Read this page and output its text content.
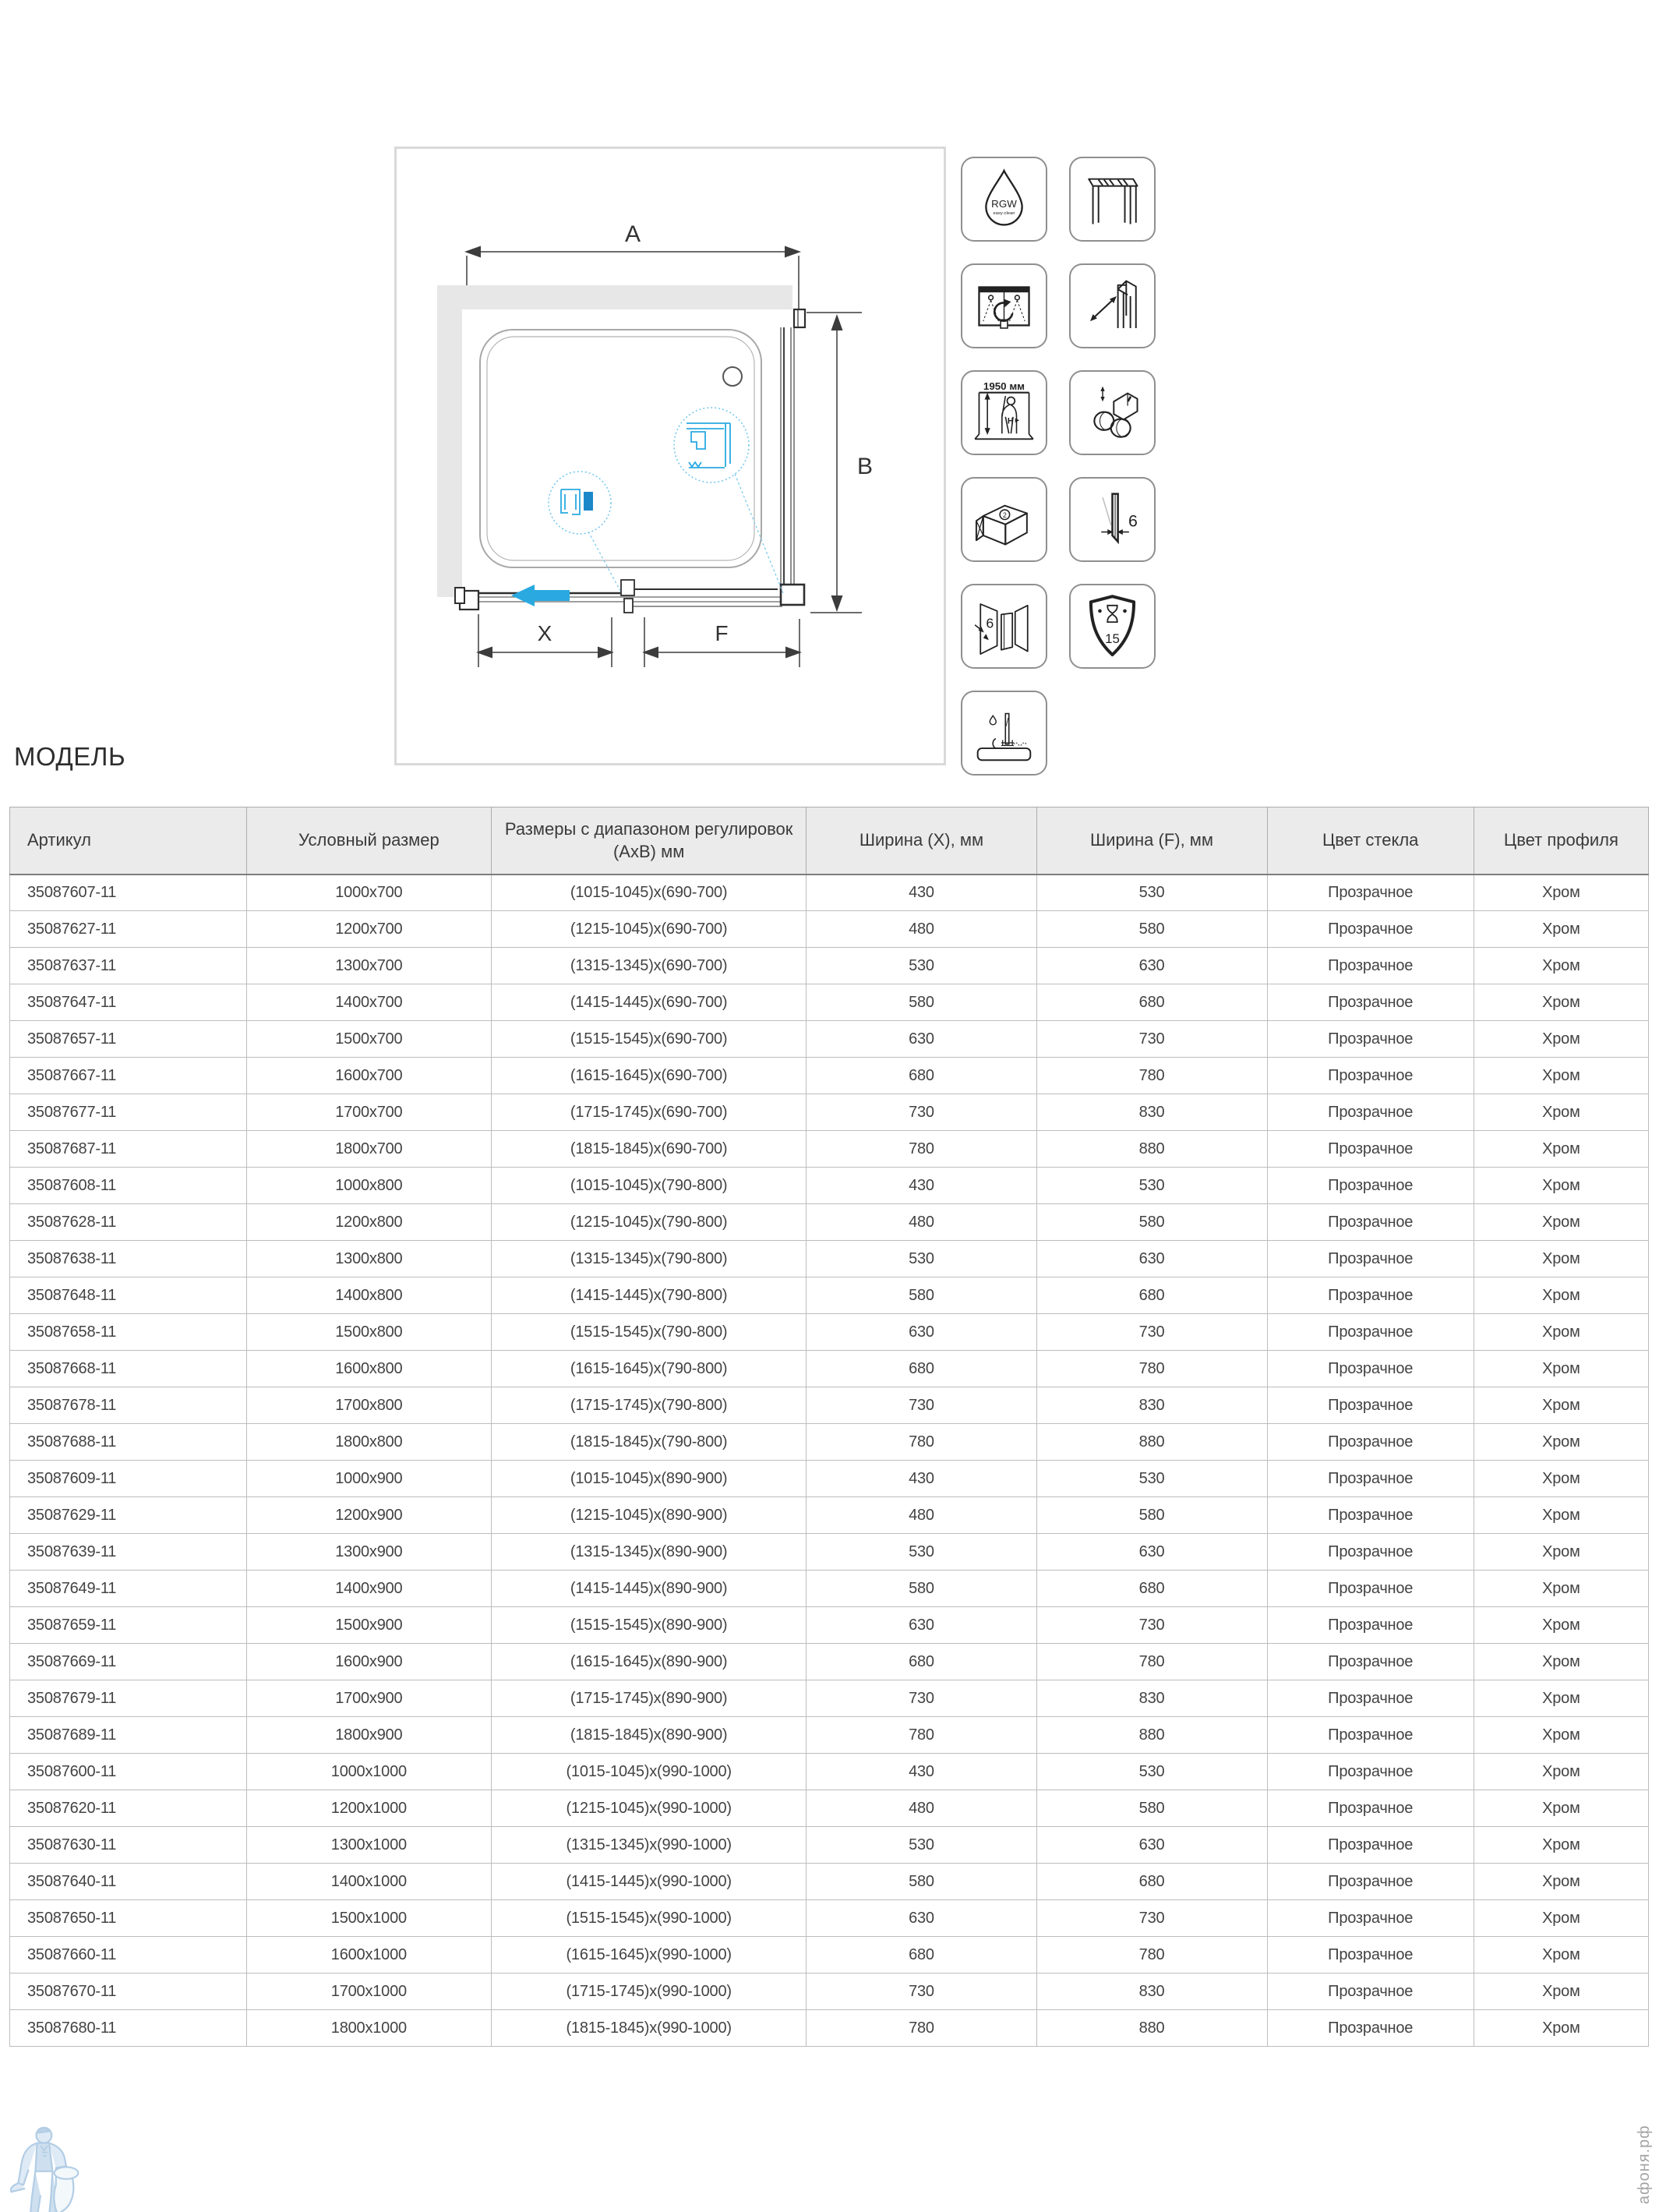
A
B
X	F
RGW
easy-clean
1950 мм
H
2	6
6
15
МОДЕЛЬ
Артикул	Условный размер	Размеры с диапазоном регулировок (АхВ) мм	Ширина (X), мм	Ширина (F), мм	Цвет стекла	Цвет профиля
35087607-11	1000x700	(1015-1045)x(690-700)	430	530	Прозрачное	Хром
35087627-11	1200x700	(1215-1045)x(690-700)	480	580	Прозрачное	Хром
35087637-11	1300x700	(1315-1345)x(690-700)	530	630	Прозрачное	Хром
35087647-11	1400x700	(1415-1445)x(690-700)	580	680	Прозрачное	Хром
35087657-11	1500x700	(1515-1545)x(690-700)	630	730	Прозрачное	Хром
35087667-11	1600x700	(1615-1645)x(690-700)	680	780	Прозрачное	Хром
35087677-11	1700x700	(1715-1745)x(690-700)	730	830	Прозрачное	Хром
35087687-11	1800x700	(1815-1845)x(690-700)	780	880	Прозрачное	Хром
35087608-11	1000x800	(1015-1045)x(790-800)	430	530	Прозрачное	Хром
35087628-11	1200x800	(1215-1045)x(790-800)	480	580	Прозрачное	Хром
35087638-11	1300x800	(1315-1345)x(790-800)	530	630	Прозрачное	Хром
35087648-11	1400x800	(1415-1445)x(790-800)	580	680	Прозрачное	Хром
35087658-11	1500x800	(1515-1545)x(790-800)	630	730	Прозрачное	Хром
35087668-11	1600x800	(1615-1645)x(790-800)	680	780	Прозрачное	Хром
35087678-11	1700x800	(1715-1745)x(790-800)	730	830	Прозрачное	Хром
35087688-11	1800x800	(1815-1845)x(790-800)	780	880	Прозрачное	Хром
35087609-11	1000x900	(1015-1045)x(890-900)	430	530	Прозрачное	Хром
35087629-11	1200x900	(1215-1045)x(890-900)	480	580	Прозрачное	Хром
35087639-11	1300x900	(1315-1345)x(890-900)	530	630	Прозрачное	Хром
35087649-11	1400x900	(1415-1445)x(890-900)	580	680	Прозрачное	Хром
35087659-11	1500x900	(1515-1545)x(890-900)	630	730	Прозрачное	Хром
35087669-11	1600x900	(1615-1645)x(890-900)	680	780	Прозрачное	Хром
35087679-11	1700x900	(1715-1745)x(890-900)	730	830	Прозрачное	Хром
35087689-11	1800x900	(1815-1845)x(890-900)	780	880	Прозрачное	Хром
35087600-11	1000x1000	(1015-1045)x(990-1000)	430	530	Прозрачное	Хром
35087620-11	1200x1000	(1215-1045)x(990-1000)	480	580	Прозрачное	Хром
35087630-11	1300x1000	(1315-1345)x(990-1000)	530	630	Прозрачное	Хром
35087640-11	1400x1000	(1415-1445)x(990-1000)	580	680	Прозрачное	Хром
35087650-11	1500x1000	(1515-1545)x(990-1000)	630	730	Прозрачное	Хром
35087660-11	1600x1000	(1615-1645)x(990-1000)	680	780	Прозрачное	Хром
35087670-11	1700x1000	(1715-1745)x(990-1000)	730	830	Прозрачное	Хром
35087680-11	1800x1000	(1815-1845)x(990-1000)	780	880	Прозрачное	Хром
афоня.рф
